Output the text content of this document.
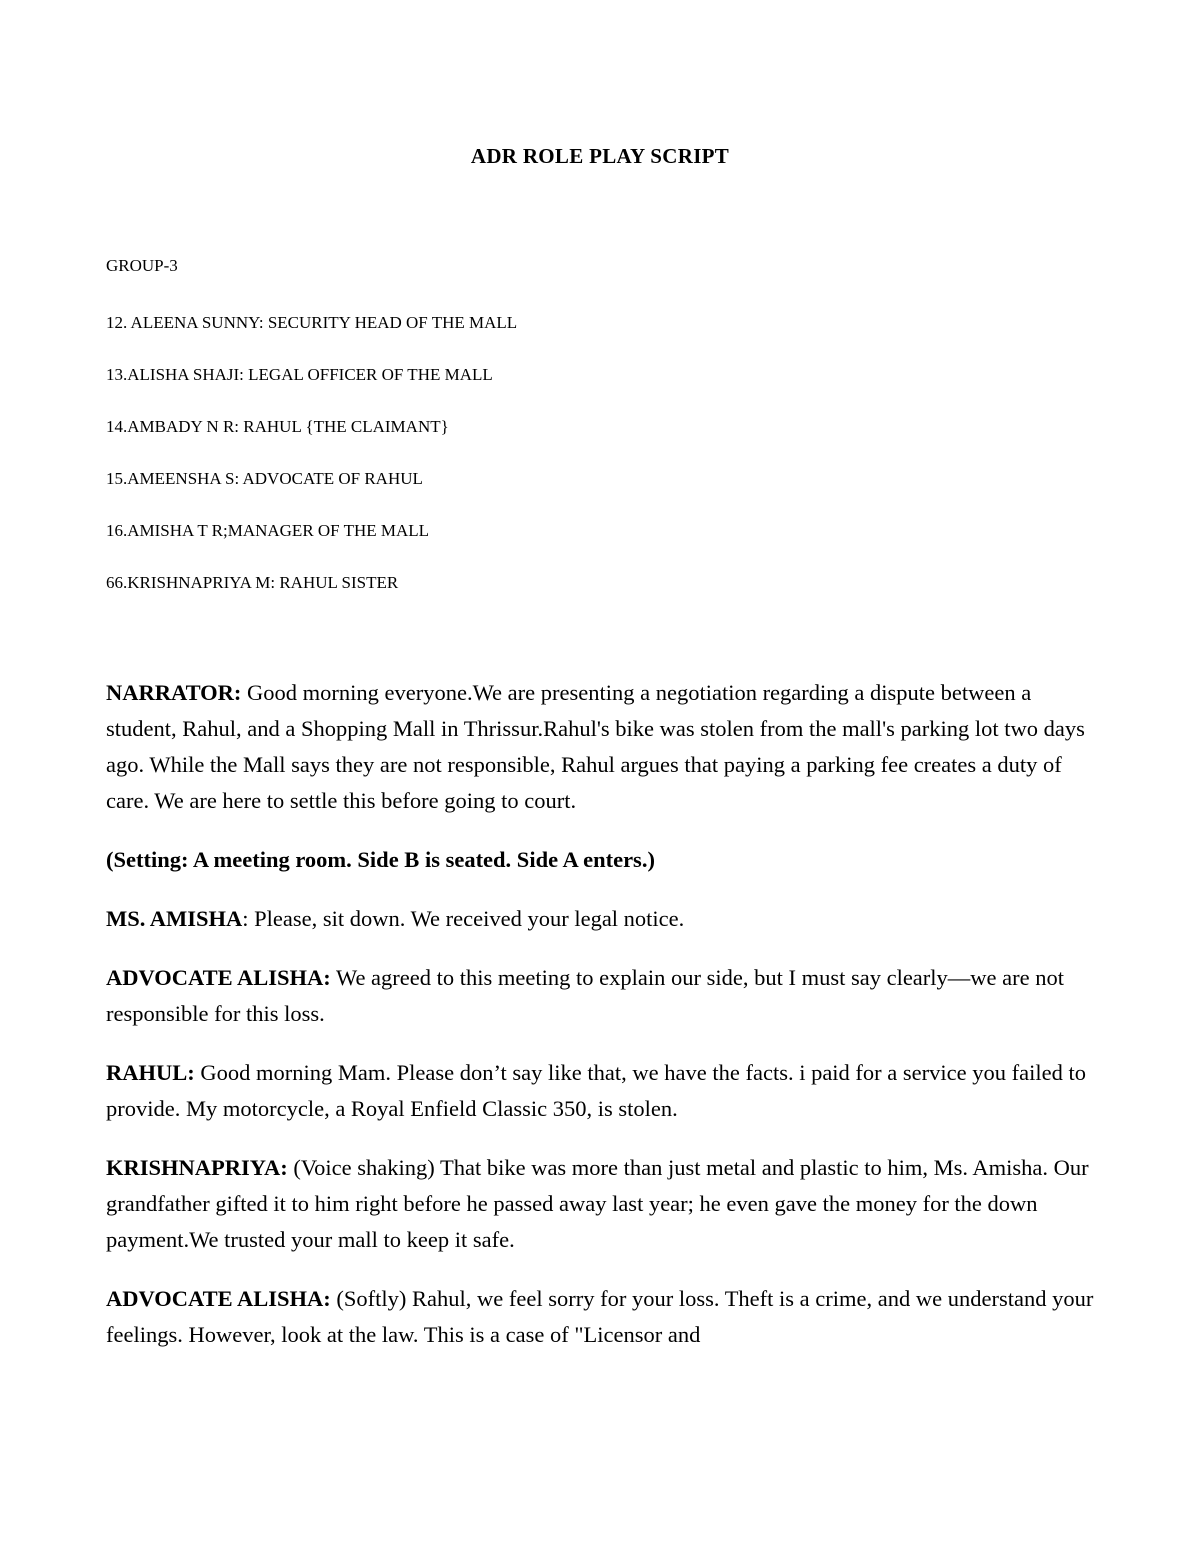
ADR ROLE PLAY SCRIPT
GROUP-3
12. ALEENA SUNNY: SECURITY HEAD OF THE MALL
13.ALISHA SHAJI: LEGAL OFFICER OF THE MALL
14.AMBADY N R: RAHUL {THE CLAIMANT}
15.AMEENSHA S: ADVOCATE OF RAHUL
16.AMISHA T R;MANAGER OF THE MALL
66.KRISHNAPRIYA M: RAHUL SISTER

NARRATOR: Good morning everyone.We are presenting a negotiation regarding a dispute between a student, Rahul, and a Shopping Mall in Thrissur.Rahul's bike was stolen from the mall's parking lot two days ago. While the Mall says they are not responsible, Rahul argues that paying a parking fee creates a duty of care. We are here to settle this before going to court.

(Setting: A meeting room. Side B is seated. Side A enters.)

MS. AMISHA: Please, sit down. We received your legal notice.

ADVOCATE ALISHA: We agreed to this meeting to explain our side, but I must say clearly—we are not responsible for this loss.

RAHUL: Good morning Mam. Please don’t say like that, we have the facts. i paid for a service you failed to provide. My motorcycle, a Royal Enfield Classic 350, is stolen.

KRISHNAPRIYA: (Voice shaking) That bike was more than just metal and plastic to him, Ms. Amisha. Our grandfather gifted it to him right before he passed away last year; he even gave the money for the down payment.We trusted your mall to keep it safe.

ADVOCATE ALISHA: (Softly) Rahul, we feel sorry for your loss. Theft is a crime, and we understand your feelings. However, look at the law. This is a case of "Licensor and
